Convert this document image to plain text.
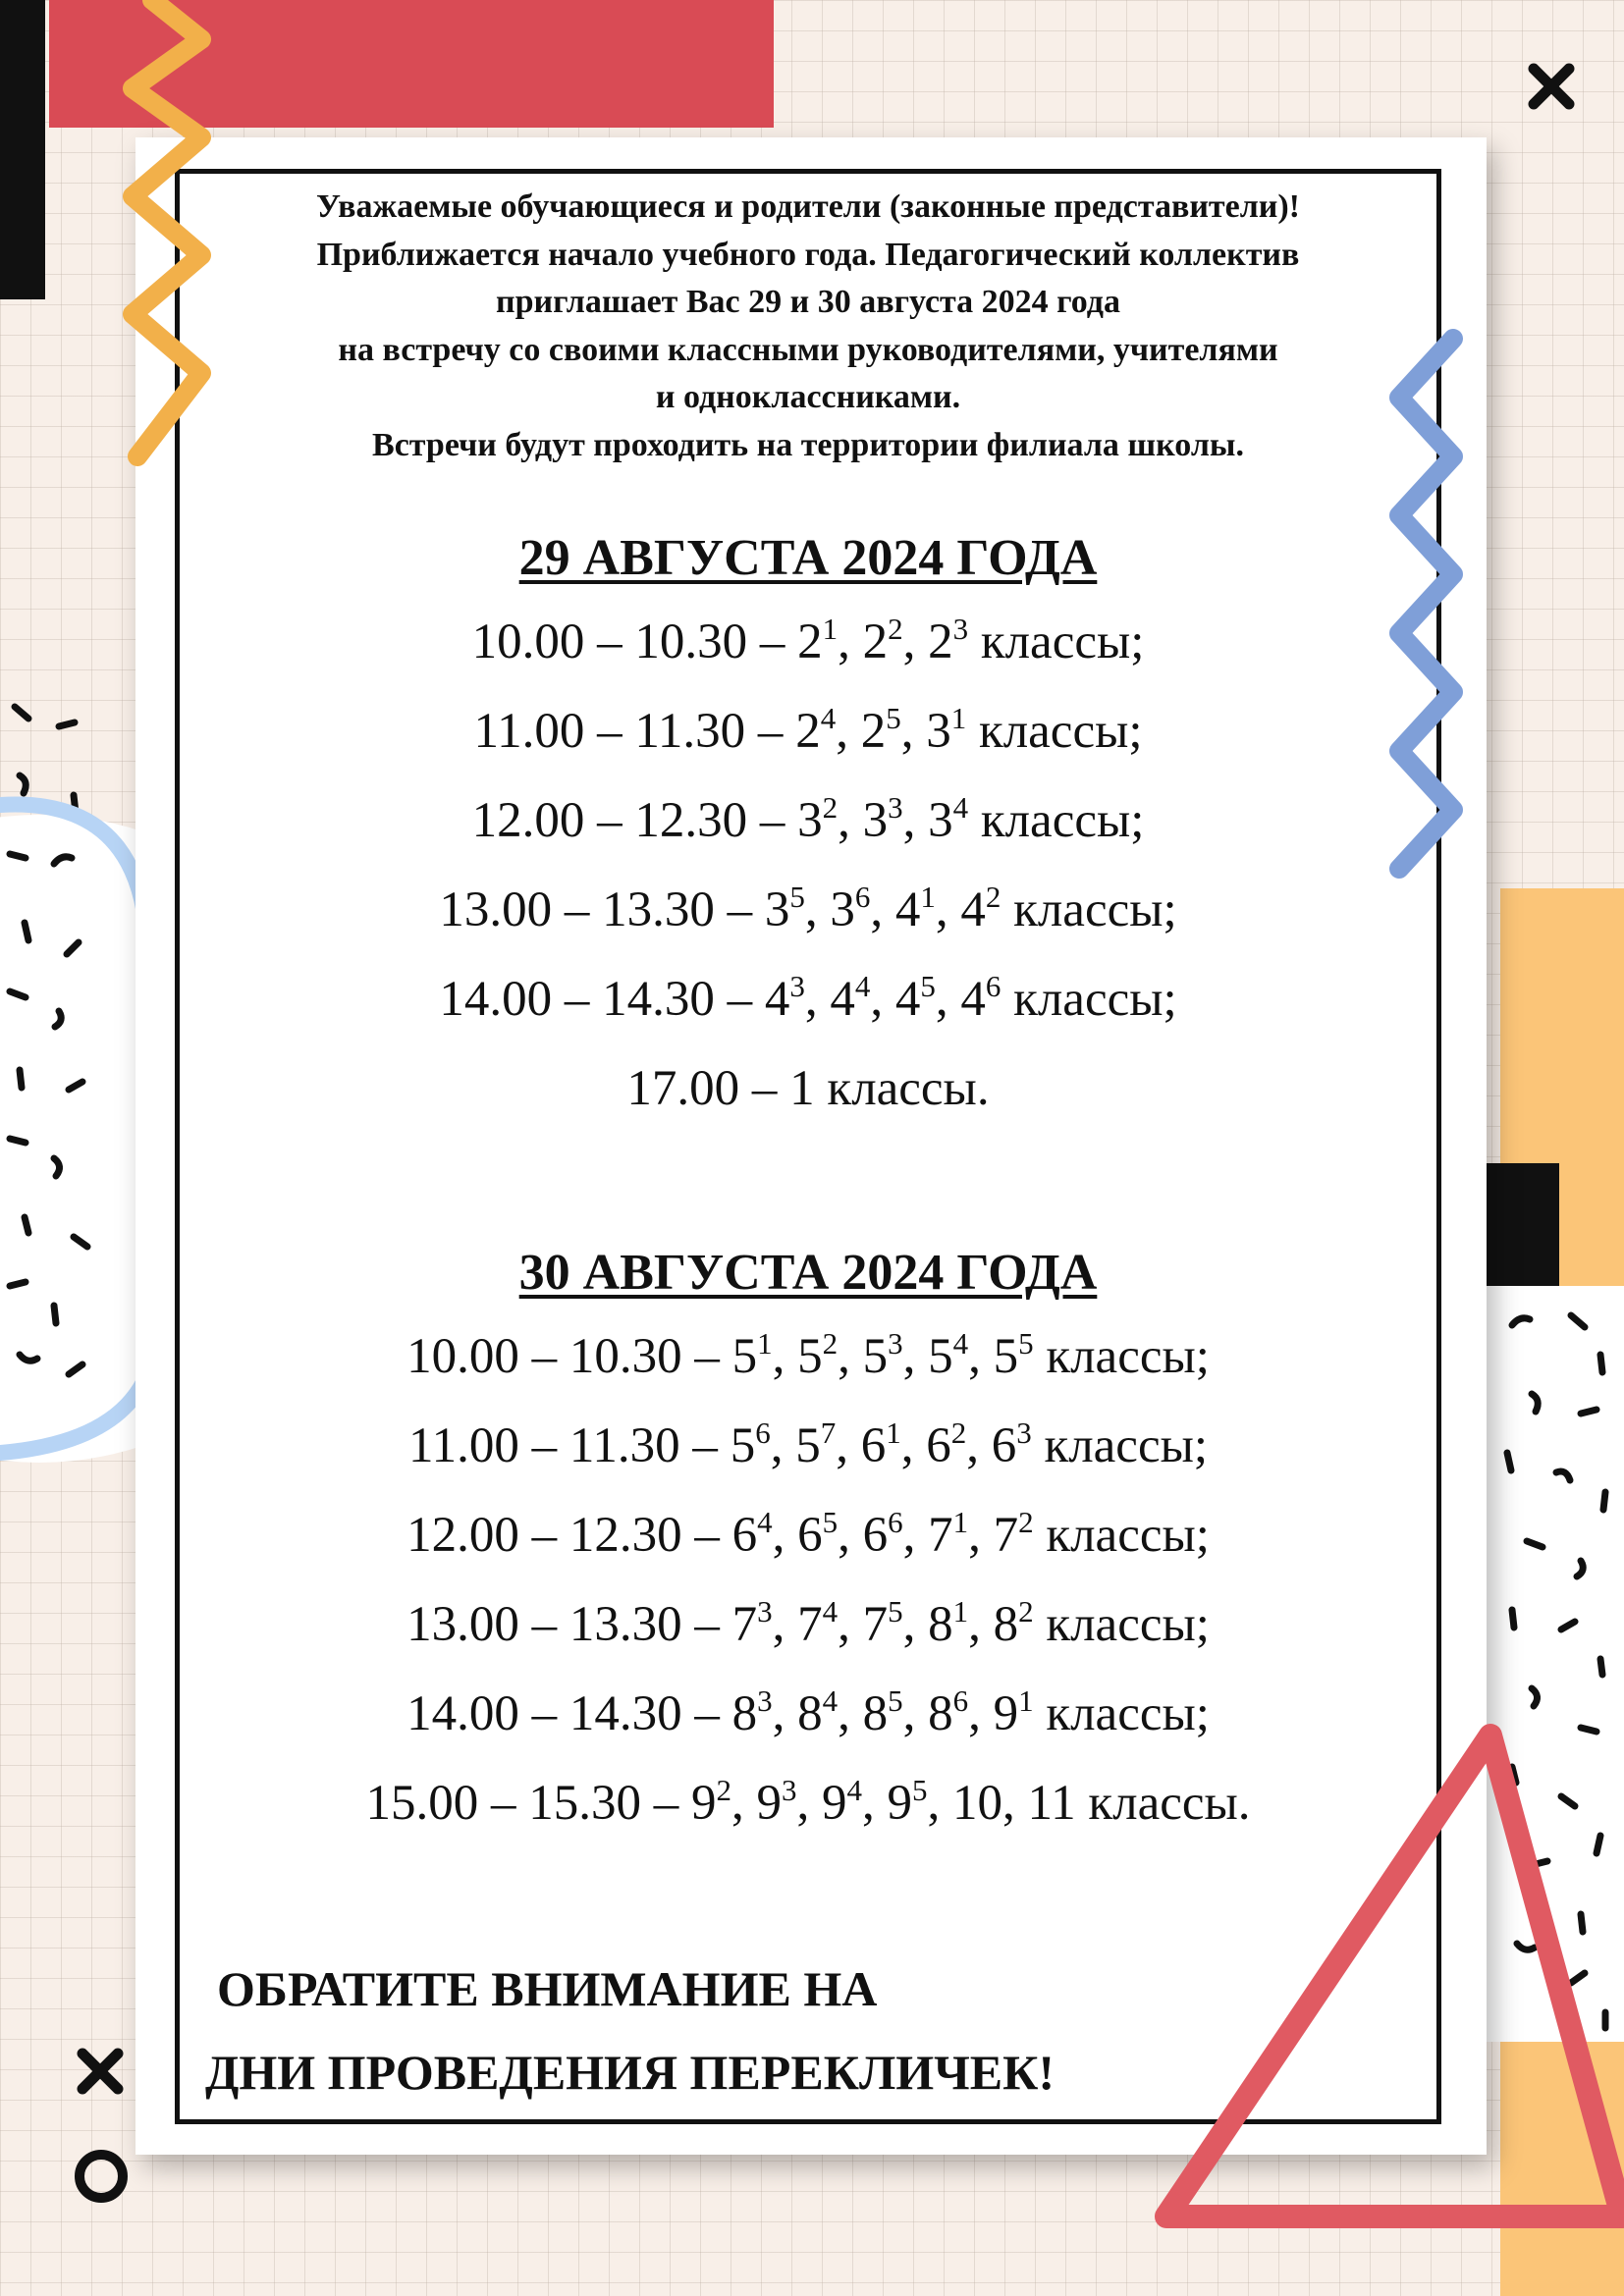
Уважаемые обучающиеся и родители (законные представители)!
Приближается начало учебного года. Педагогический коллектив
приглашает Вас 29 и 30 августа 2024 года
на встречу со своими классными руководителями, учителями
и одноклассниками.
Встречи будут проходить на территории филиала школы.
29 АВГУСТА 2024 ГОДА
$10.00 - 10.30 - 2^1$, $2^2$, $2^3$ классы;
$11.00 - 11.30 - 2^4$, $2^5$, $3^1$ классы;
$12.00 - 12.30 - 3^2$, $3^3$, $3^4$ классы;
$13.00 - 13.30 - 3^5$, $3^6$, $4^1$, $4^2$ классы;
$14.00 - 14.30 - 4^3$, $4^4$, $4^5$, $4^6$ классы;
17.00 – 1 классы.
30 АВГУСТА 2024 ГОДА
$10.00 - 10.30 - 5^1$, $5^2$, $5^3$, $5^4$, $5^5$ классы;
$11.00 - 11.30 - 5^6$, $5^7$, $6^1$, $6^2$, $6^3$ классы;
$12.00 - 12.30 - 6^4$, $6^5$, $6^6$, $7^1$, $7^2$ классы;
$13.00 - 13.30 - 7^3$, $7^4$, $7^5$, $8^1$, $8^2$ классы;
$14.00 - 14.30 - 8^3$, $8^4$, $8^5$, $8^6$, $9^1$ классы;
$15.00 - 15.30 - 9^2$, $9^3$, $9^4$, $9^5$, 10, 11 классы.
ОБРАТИТЕ ВНИМАНИЕ НА
ДНИ ПРОВЕДЕНИЯ ПЕРЕКЛИЧЕК!
